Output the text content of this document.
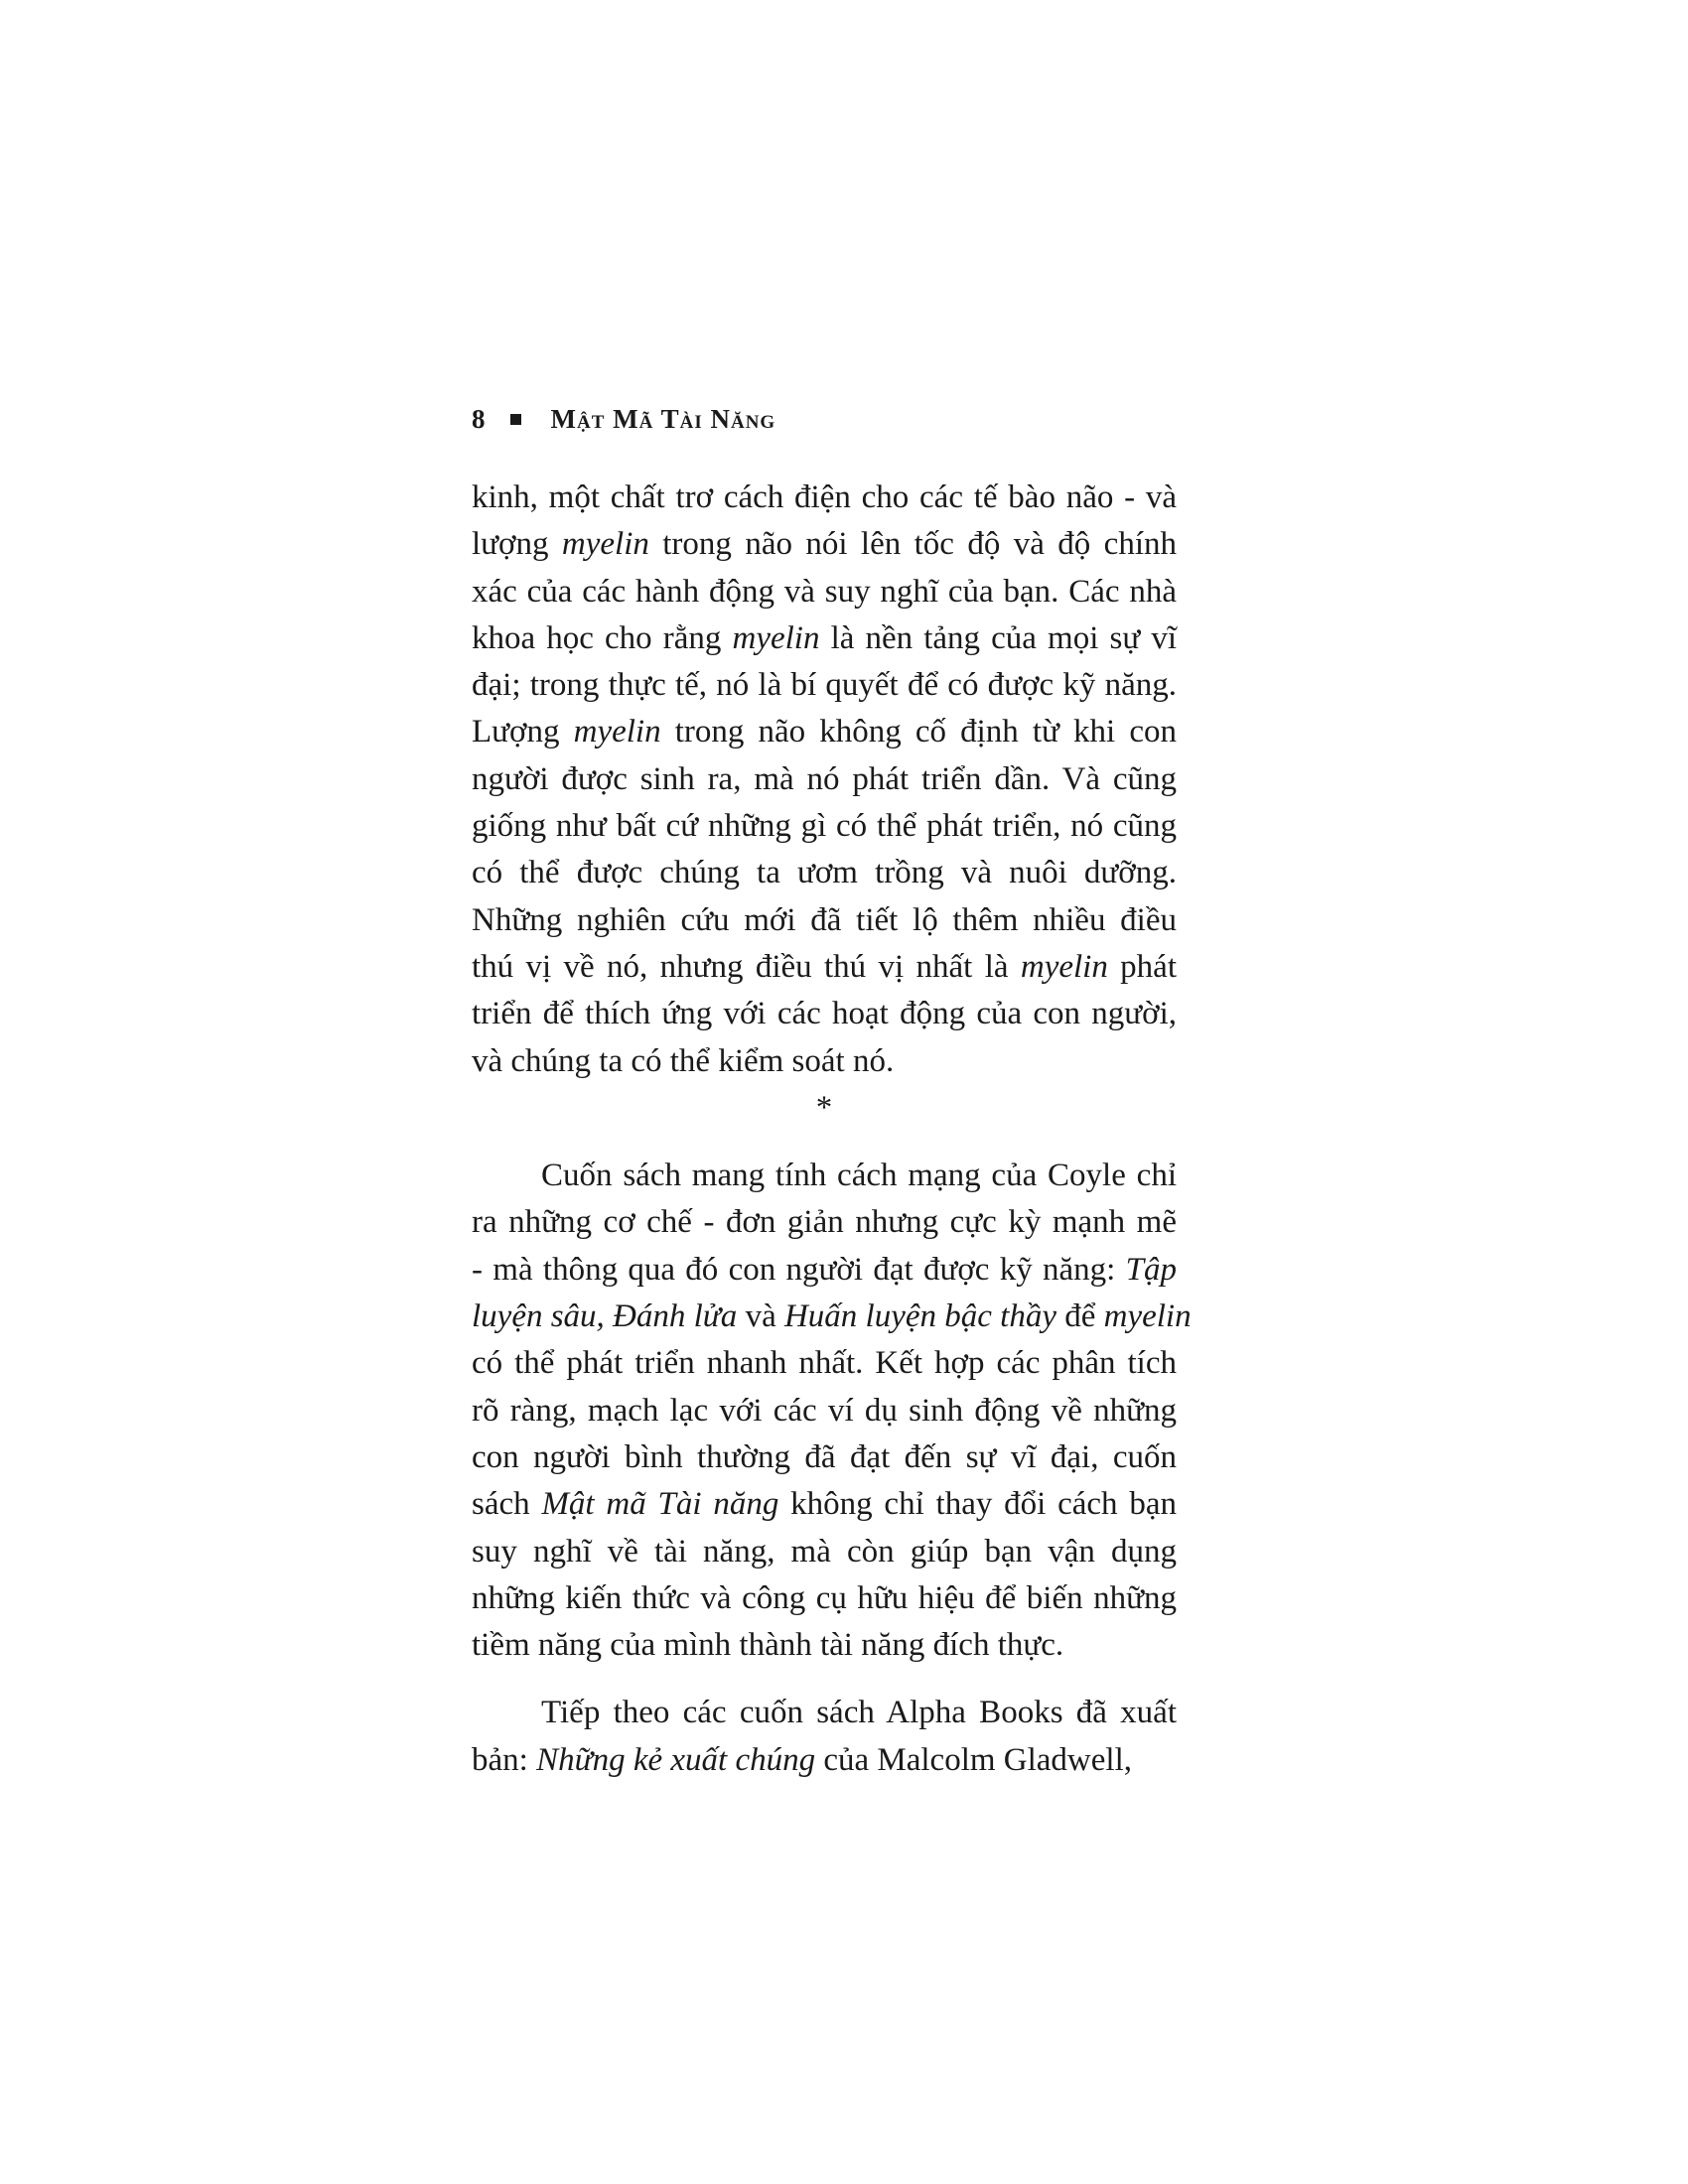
8 Mật Mã Tài Năng
kinh, một chất trơ cách điện cho các tế bào não - và
lượng myelin trong não nói lên tốc độ và độ chính
xác của các hành động và suy nghĩ của bạn. Các nhà
khoa học cho rằng myelin là nền tảng của mọi sự vĩ
đại; trong thực tế, nó là bí quyết để có được kỹ năng.
Lượng myelin trong não không cố định từ khi con
người được sinh ra, mà nó phát triển dần. Và cũng
giống như bất cứ những gì có thể phát triển, nó cũng
có thể được chúng ta ươm trồng và nuôi dưỡng.
Những nghiên cứu mới đã tiết lộ thêm nhiều điều
thú vị về nó, nhưng điều thú vị nhất là myelin phát
triển để thích ứng với các hoạt động của con người,
và chúng ta có thể kiểm soát nó.
*
Cuốn sách mang tính cách mạng của Coyle chỉ
ra những cơ chế - đơn giản nhưng cực kỳ mạnh mẽ
- mà thông qua đó con người đạt được kỹ năng: Tập
luyện sâu, Đánh lửa và Huấn luyện bậc thầy để myelin
có thể phát triển nhanh nhất. Kết hợp các phân tích
rõ ràng, mạch lạc với các ví dụ sinh động về những
con người bình thường đã đạt đến sự vĩ đại, cuốn
sách Mật mã Tài năng không chỉ thay đổi cách bạn
suy nghĩ về tài năng, mà còn giúp bạn vận dụng
những kiến thức và công cụ hữu hiệu để biến những
tiềm năng của mình thành tài năng đích thực.
Tiếp theo các cuốn sách Alpha Books đã xuất
bản: Những kẻ xuất chúng của Malcolm Gladwell,
